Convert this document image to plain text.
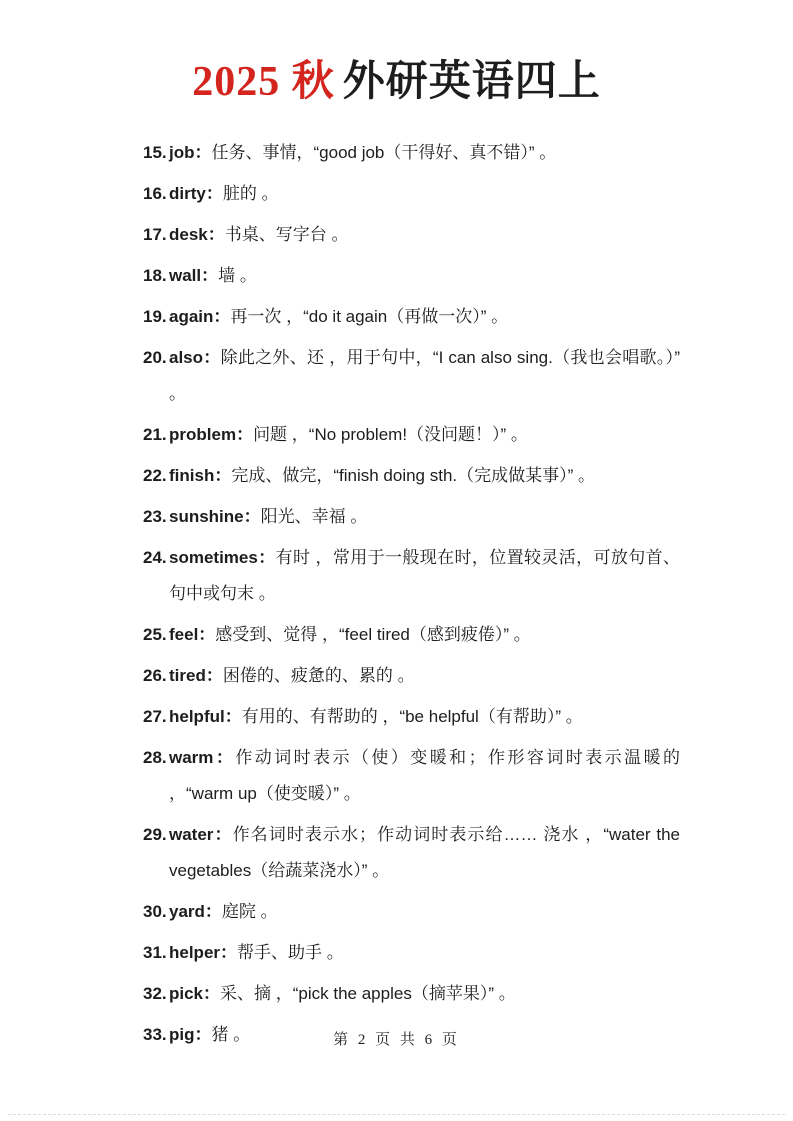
2025 秋 外研英语四上
15. job：任务、事情，“good job（干得好、真不错）” 。
16. dirty：脏的 。
17. desk：书桌、写字台 。
18. wall：墙 。
19. again：再一次 ，“do it again（再做一次）” 。
20. also：除此之外、还 ，用于句中，“I can also sing.（我也会唱歌。）” 。
21. problem：问题 ，“No problem!（没问题！）” 。
22. finish：完成、做完，“finish doing sth.（完成做某事）” 。
23. sunshine：阳光、幸福 。
24. sometimes：有时 ，常用于一般现在时，位置较灵活，可放句首、句中或句末 。
25. feel：感受到、觉得 ，“feel tired（感到疲倦）” 。
26. tired：困倦的、疲惫的、累的 。
27. helpful：有用的、有帮助的 ，“be helpful（有帮助）” 。
28. warm：作动词时表示（使）变暖和；作形容词时表示温暖的 ，“warm up（使变暖）” 。
29. water：作名词时表示水；作动词时表示给…… 浇水 ，“water the vegetables（给蔬菜浇水）” 。
30. yard：庭院 。
31. helper：帮手、助手 。
32. pick：采、摘 ，“pick the apples（摘苹果）” 。
33. pig：猪 。	第 2 页 共 6 页
